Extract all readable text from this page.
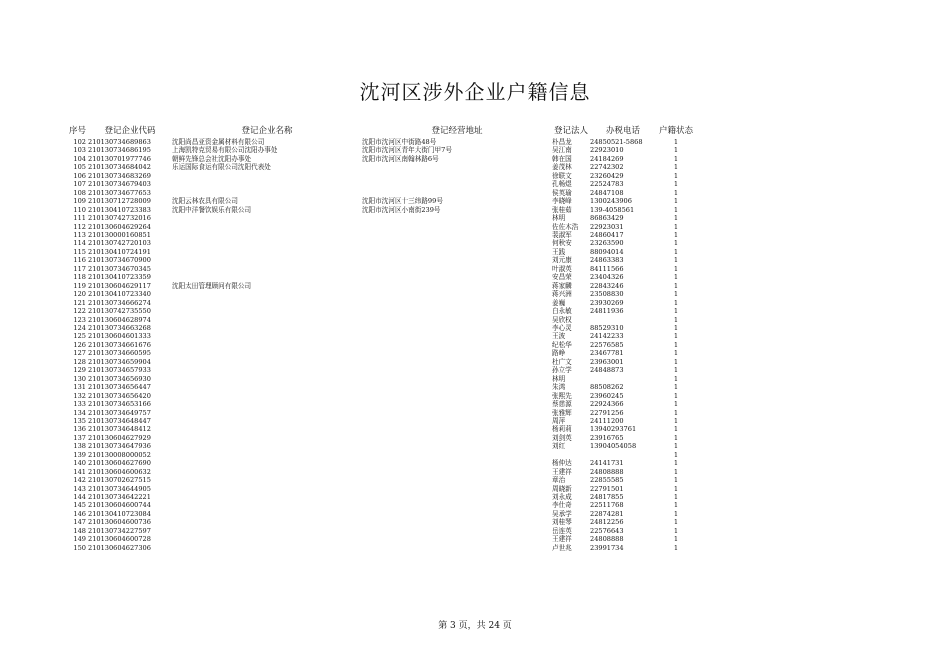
沈河区涉外企业户籍信息
序号	登记企业代码	登记企业名称	登记经营地址	登记法人	办税电话	户籍状态
102	210130734689863	沈阳尚昌亚资金属材料有限公司	沈阳市沈河区中街路48号	朴昌龙	24850521-5868	1
103	210130734686195	上海凯特克贸易有限公司沈阳办事处	沈阳市沈河区青年大街门甲7号	吴江南	22923010	1
104	210130701977746	朝鲜先锋总会社沈阳办事处	沈阳市沈河区南翰林路6号	韩在国	24184269	1
105	210130734684042	乐运国际食运有限公司沈阳代表处		姜茂林	22742302	1
106	210130734683269			徐联文	23260429	1
107	210130734679403			孔畅煜	22524783	1
108	210130734677653			侯英瑜	24847108	1
109	210130712728009	沈阳云林农具有限公司	沈阳市沈河区十三纬路99号	李晓峰	1300243906	1
110	210130410723383	沈阳中洋餐饮娱乐有限公司	沈阳市沈河区小南街239号	张桂茹	139-4058561	1
111	210130742732016			林明	86863429	1
112	210130604629264			佐佐木浩	22923031	1
113	210130000160851			裴淑军	24860417	1
114	210130742720103			何秋安	23263590	1
115	210130410724191			王践	88094014	1
116	210130734670900			刘元康	24863383	1
117	210130734670345			叶淑英	84111566	1
118	210130410723359			安昌荣	23404326	1
119	210130604629117	沈阳太田管理顾问有限公司		蒋家麟	22843246	1
120	210130410723340			蒋兴洲	23508830	1
121	210130734666274			姜巍	23930269	1
122	210130742735550			白永敏	24811936	1
123	210130604628974			吴欣权		1
124	210130734663268			李心灵	88529310	1
125	210130604601333			王波	24142233	1
126	210130734661676			纪松华	22576585	1
127	210130734660595			路峥	23467781	1
128	210130734659904			杜广文	23963001	1
129	210130734657933			孙立学	24848873	1
130	210130734656930			林明		1
131	210130734656447			朱鸿	88508262	1
132	210130734656420			张熙先	23960245	1
133	210130734653166			蔡慈源	22924366	1
134	210130734649757			张雅辉	22791256	1
135	210130734648447			周萍	24111200	1
136	210130734648412			杨莉莉	13940293761	1
137	210130604627929			刘剑英	23916765	1
138	210130734647936			刘红	13904054058	1
139	210130008000052					1
140	210130604627690			杨仲达	24141731	1
141	210130604600632			王建祥	24808888	1
142	210130702627515			章治	22855585	1
143	210130734644905			周晓新	22791501	1
144	210130734642221			刘永成	24817855	1
145	210130604600744			李仕奇	22511768	1
146	210130410723084			吴承学	22874281	1
147	210130604600736			刘桂琴	24812256	1
148	210130734227597			岳连英	22576643	1
149	210130604600728			王建祥	24808888	1
150	210130604627306			卢世兆	23991734	1
第 3 页，共 24 页
